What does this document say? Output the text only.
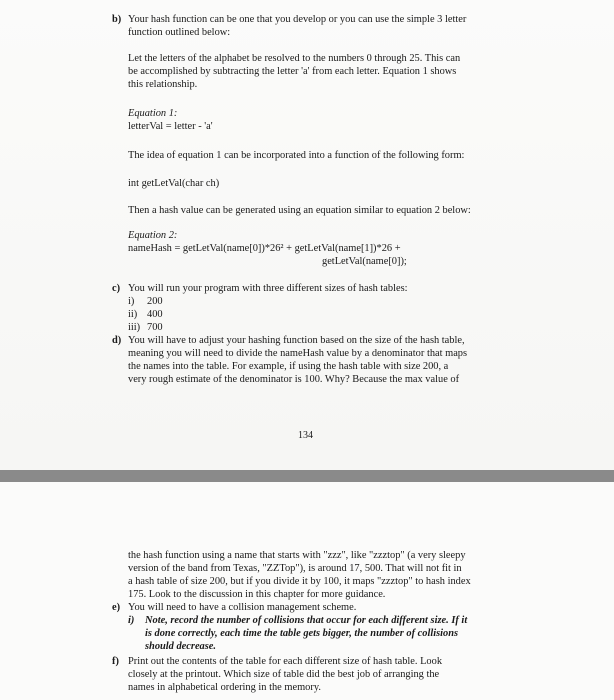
b) Your hash function can be one that you develop or you can use the simple 3 letter
function outlined below:
Let the letters of the alphabet be resolved to the numbers 0 through 25. This can
be accomplished by subtracting the letter 'a' from each letter. Equation 1 shows
this relationship.
Equation 1:
letterVal = letter - 'a'
The idea of equation 1 can be incorporated into a function of the following form:
int getLetVal(char ch)
Then a hash value can be generated using an equation similar to equation 2 below:
Equation 2:
nameHash = getLetVal(name[0])*26² + getLetVal(name[1])*26 +
getLetVal(name[0]);
c) You will run your program with three different sizes of hash tables:
i) 200
ii) 400
iii) 700
d) You will have to adjust your hashing function based on the size of the hash table,
meaning you will need to divide the nameHash value by a denominator that maps
the names into the table. For example, if using the hash table with size 200, a
very rough estimate of the denominator is 100. Why? Because the max value of
134
the hash function using a name that starts with "zzz", like "zzztop" (a very sleepy
version of the band from Texas, "ZZTop"), is around 17, 500. That will not fit in
a hash table of size 200, but if you divide it by 100, it maps "zzztop" to hash index
175. Look to the discussion in this chapter for more guidance.
e) You will need to have a collision management scheme.
i) Note, record the number of collisions that occur for each different size. If it
is done correctly, each time the table gets bigger, the number of collisions
should decrease.
f) Print out the contents of the table for each different size of hash table. Look
closely at the printout. Which size of table did the best job of arranging the
names in alphabetical ordering in the memory.
